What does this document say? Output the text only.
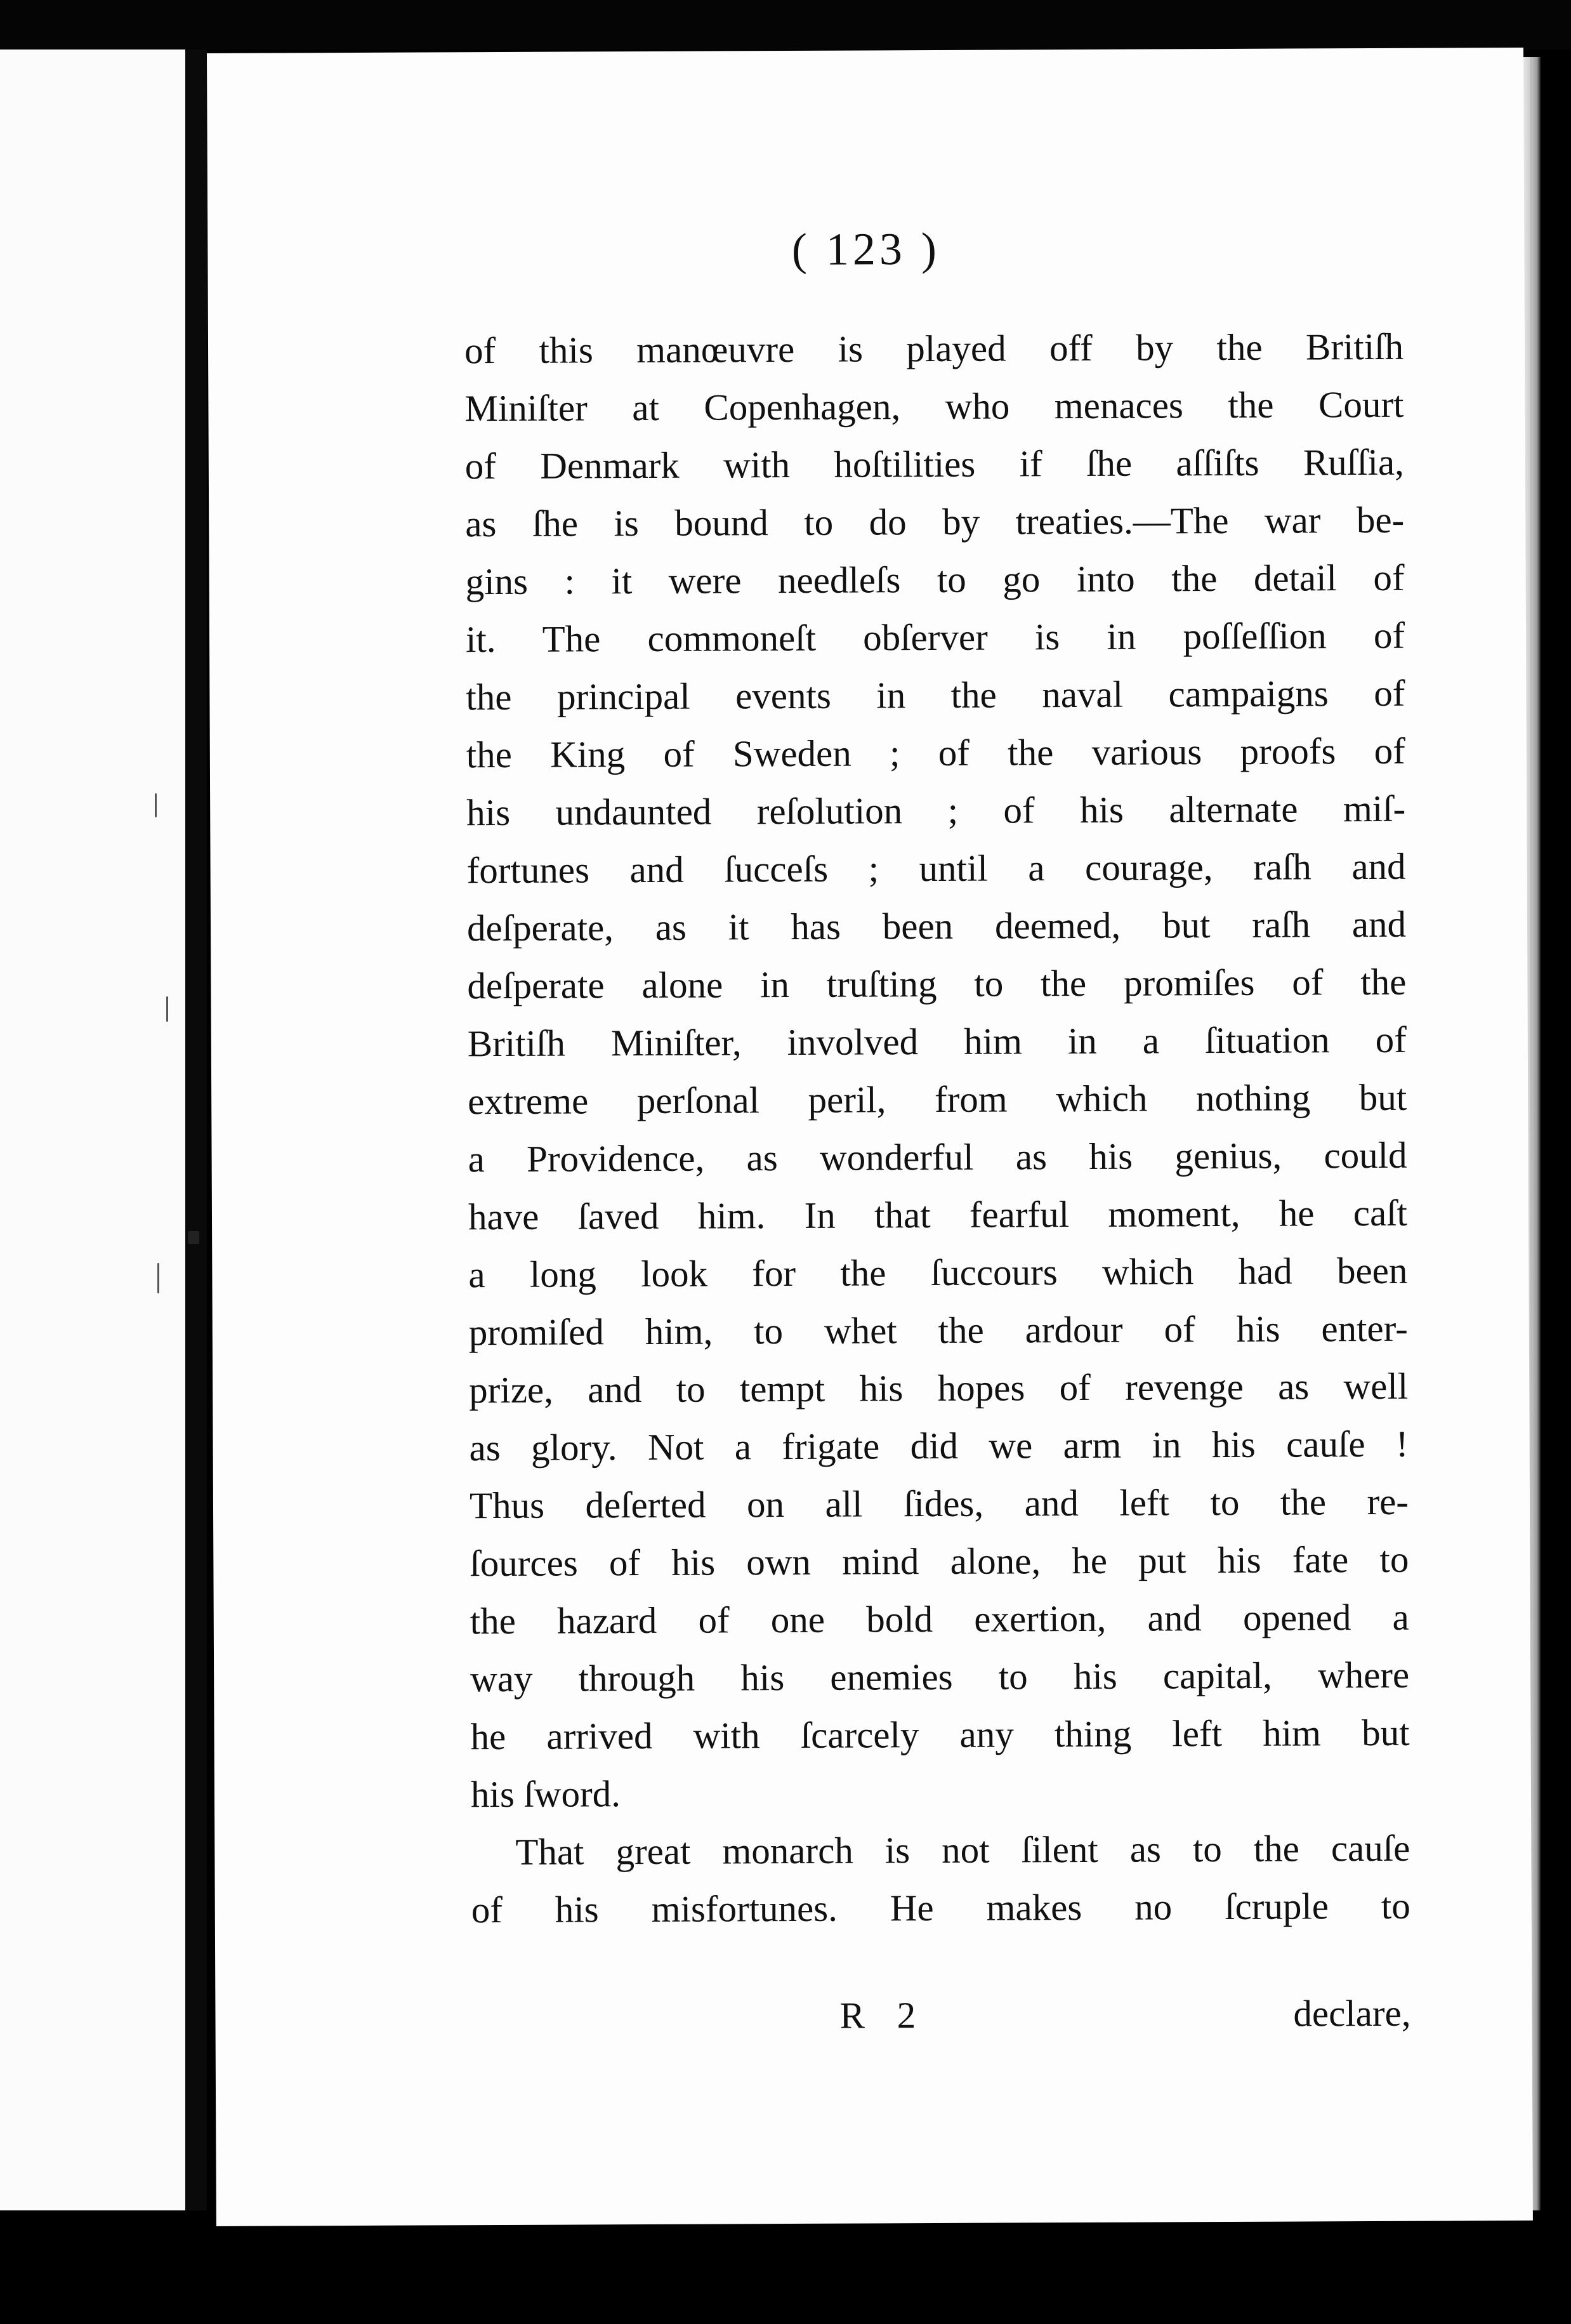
( 123 )
of this manœuvre is played off by the Britiſh
Miniſter at Copenhagen, who menaces the Court
of Denmark with hoſtilities if ſhe aſſiſts Ruſſia,
as ſhe is bound to do by treaties.—The war be-
gins : it were needleſs to go into the detail of
it. The commoneſt obſerver is in poſſeſſion of
the principal events in the naval campaigns of
the King of Sweden ; of the various proofs of
his undaunted reſolution ; of his alternate miſ-
fortunes and ſucceſs ; until a courage, raſh and
deſperate, as it has been deemed, but raſh and
deſperate alone in truſting to the promiſes of the
Britiſh Miniſter, involved him in a ſituation of
extreme perſonal peril, from which nothing but
a Providence, as wonderful as his genius, could
have ſaved him. In that fearful moment, he caſt
a long look for the ſuccours which had been
promiſed him, to whet the ardour of his enter-
prize, and to tempt his hopes of revenge as well
as glory. Not a frigate did we arm in his cauſe !
Thus deſerted on all ſides, and left to the re-
ſources of his own mind alone, he put his fate to
the hazard of one bold exertion, and opened a
way through his enemies to his capital, where
he arrived with ſcarcely any thing left him but
his ſword.
That great monarch is not ſilent as to the cauſe
of his misfortunes. He makes no ſcruple to
R 2	declare,
